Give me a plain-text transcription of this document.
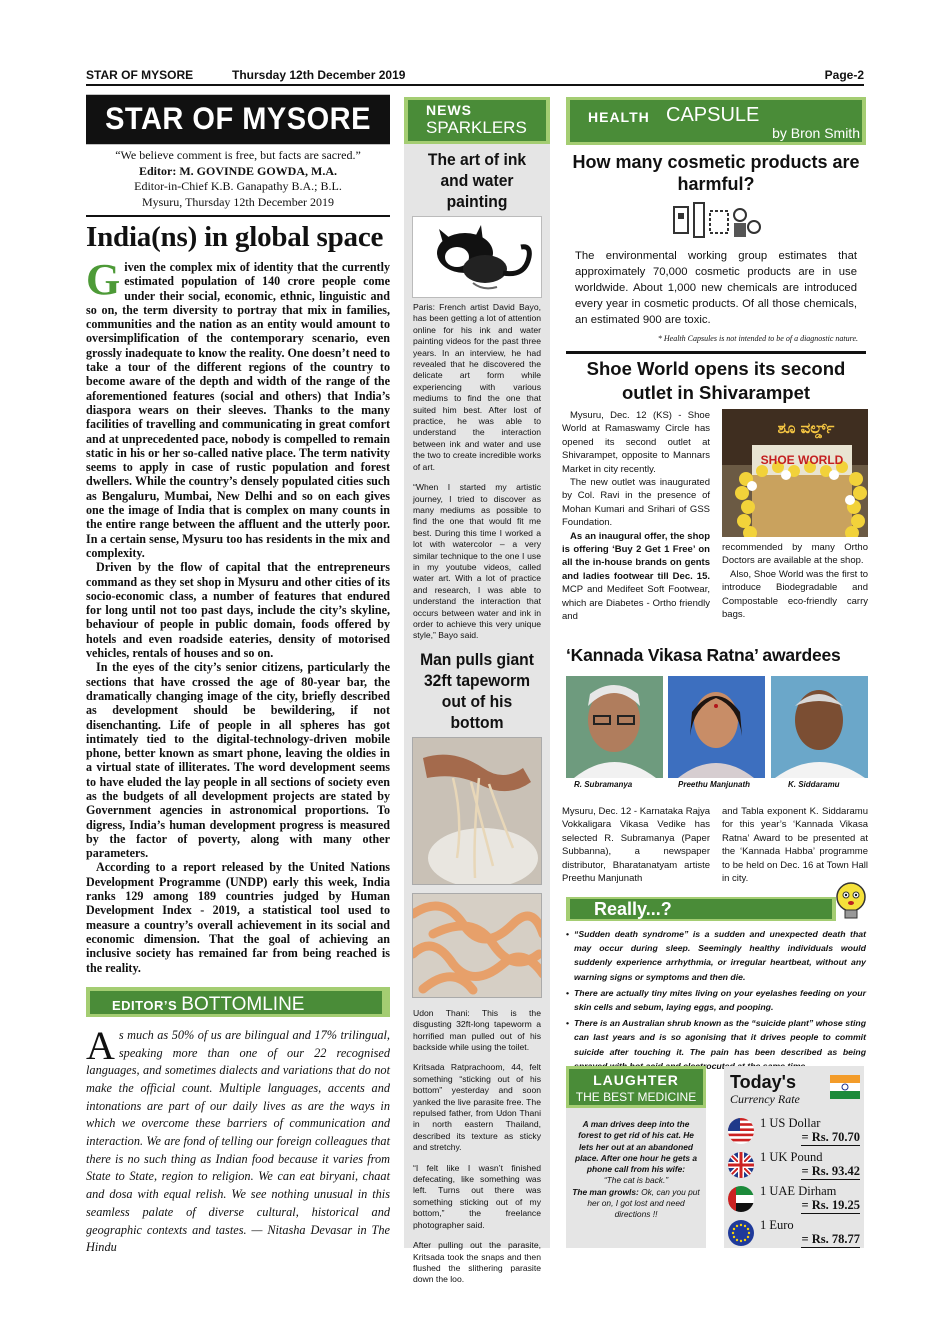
STAR OF MYSORE	Thursday 12th December 2019	Page-2
STAR OF MYSORE
“We believe comment is free, but facts are sacred.”
Editor: M. GOVINDE GOWDA, M.A.
Editor-in-Chief K.B. Ganapathy B.A.; B.L.
Mysuru, Thursday 12th December 2019
India(ns) in global space

Given the complex mix of identity that the currently estimated population of 140 crore people come under their social, economic, ethnic, linguistic and so on, the term diversity to portray that mix in families, communities and the nation as an entity would amount to oversimplification of the contemporary scenario, even grossly inadequate to know the reality. One doesn’t need to take a tour of the different regions of the country to become aware of the depth and width of the range of the aforementioned features (social and others) that India’s diaspora wears on their sleeves. Thanks to the many facilities of travelling and communicating in great comfort and at unprecedented pace, nobody is compelled to remain static in his or her so-called native place. The term nativity seems to apply in case of rustic population and forest dwellers. While the country’s densely populated cities such as Bengaluru, Mumbai, New Delhi and so on each gives one the image of India that is complex on many counts in the entire range between the affluent and the utterly poor. In a certain sense, Mysuru too has residents in the mix and complexity.

Driven by the flow of capital that the entrepreneurs command as they set shop in Mysuru and other cities of its socio-economic class, a number of features that endured for long until not too past days, include the city’s skyline, behaviour of people in public domain, foods offered by hotels and even roadside eateries, density of motorised vehicles, rentals of houses and so on.

In the eyes of the city’s senior citizens, particularly the sections that have crossed the age of 80-year bar, the dramatically changing image of the city, briefly described as development should be bewildering, if not disenchanting. Life of people in all spheres has got intimately tied to the digital-technology-driven mobile phone, better known as smart phone, leaving the oldies in a virtual state of illiterates. The word development seems to have eluded the lay people in all sections of society even as the budgets of all development projects are stated by Government agencies in astronomical proportions. To digress, India’s human development progress is measured by the factor of poverty, along with many other parameters.

According to a report released by the United Nations Development Programme (UNDP) early this week, India ranks 129 among 189 countries judged by Human Development Index - 2019, a statistical tool used to measure a country’s overall achievement in its social and economic dimension. That the goal of achieving an inclusive society has remained far from being reached is the reality.

EDITOR’S BOTTOMLINE
As much as 50% of us are bilingual and 17% trilingual, speaking more than one of our 22 recognised languages, and sometimes dialects and variations that do not make the official count. Multiple languages, accents and intonations are part of our daily lives as are the ways in which we overcome these barriers of communication and interaction. We are fond of telling our foreign colleagues that there is no such thing as Indian food because it varies from State to State, region to religion. We can eat biryani, chaat and dosa with equal relish. We see nothing unusual in this seamless palate of diverse cultural, historical and geographic contexts and tastes. — Nitasha Devasar in The Hindu
NEWS
SPARKLERS
The art of ink and water painting

Paris: French artist David Bayo, has been getting a lot of attention online for his ink and water painting videos for the past three years. In an interview, he had revealed that he discovered the delicate art form while experiencing with various mediums to find the one that suited him best. After lost of practice, he was able to understand the interaction between ink and water and use the two to create incredible works of art.

“When I started my artistic journey, I tried to discover as many mediums as possible to find the one that would fit me best. During this time I worked a lot with watercolor – a very similar technique to the one I use in my youtube videos, called water art. With a lot of practice and research, I was able to understand the interaction that occurs between water and ink in order to achieve this very unique style,” Bayo said.

Man pulls giant 32ft tapeworm out of his bottom

Udon Thani: This is the disgusting 32ft-long tapeworm a horrified man pulled out of his backside while using the toilet.

Kritsada Ratprachoom, 44, felt something “sticking out of his bottom” yesterday and soon yanked the live parasite free. The repulsed father, from Udon Thani in north eastern Thailand, described its texture as sticky and stretchy.

“I felt like I wasn’t finished defecating, like something was left. Turns out there was something sticking out of my bottom,” the freelance photographer said.

After pulling out the parasite, Kritsada took the snaps and then flushed the slithering parasite down the loo.

HEALTH CAPSULE
by Bron Smith
How many cosmetic products are harmful?
The environmental working group estimates that approximately 70,000 cosmetic products are in use worldwide. About 1,000 new chemicals are introduced every year in cosmetic products. Of all those chemicals, an estimated 900 are toxic.
* Health Capsules is not intended to be of a diagnostic nature.
Shoe World opens its second outlet in Shivarampet

Mysuru, Dec. 12 (KS) - Shoe World at Ramaswamy Circle has opened its second outlet at Shivarampet, opposite to Mannars Market in city recently.

The new outlet was inaugurated by Col. Ravi in the presence of Mohan Kumari and Srihari of GSS Foundation.

As an inaugural offer, the shop is offering ‘Buy 2 Get 1 Free’ on all the in-house brands on gents and ladies footwear till Dec. 15. MCP and Medifeet Soft Footwear, which are Diabetes - Ortho friendly and

ಶೂ ವರ್ಲ್ಡ್
SHOE WORLD

recommended by many Ortho Doctors are available at the shop.

Also, Shoe World was the first to introduce Biodegradable and Compostable eco-friendly carry bags.

‘Kannada Vikasa Ratna’ awardees
R. Subramanya	Preethu Manjunath	K. Siddaramu
Mysuru, Dec. 12 - Karnataka Rajya Vokkaligara Vikasa Vedike has selected R. Subramanya (Paper Subbanna), a newspaper distributor, Bharatanatyam artiste Preethu Manjunath
and Tabla exponent K. Siddaramu for this year’s ‘Kannada Vikasa Ratna’ Award to be presented at the ‘Kannada Habba’ programme to be held on Dec. 16 at Town Hall in city.
Really...?
• “Sudden death syndrome” is a sudden and unexpected death that may occur during sleep. Seemingly healthy individuals would suddenly experience arrhythmia, or irregular heartbeat, without any warning signs or symptoms and then die.
• There are actually tiny mites living on your eyelashes feeding on your skin cells and sebum, laying eggs, and pooping.
• There is an Australian shrub known as the “suicide plant” whose sting can last years and is so agonising that it drives people to commit suicide after touching it. The pain has been described as being electrocuted
LAUGHTER
THE BEST MEDICINE
A man drives deep into the forest to get rid of his cat. He lets her out at an abandoned place. After one hour he gets a phone call from his wife:
“The cat is back.”
The man growls: Ok, can you put her on, I got lost and need directions !!
Today's
Currency Rate
1 US Dollar
= Rs. 70.70
1 UK Pound
= Rs. 93.42
1 UAE Dirham
= Rs. 19.25
1 Euro
= Rs. 78.77
